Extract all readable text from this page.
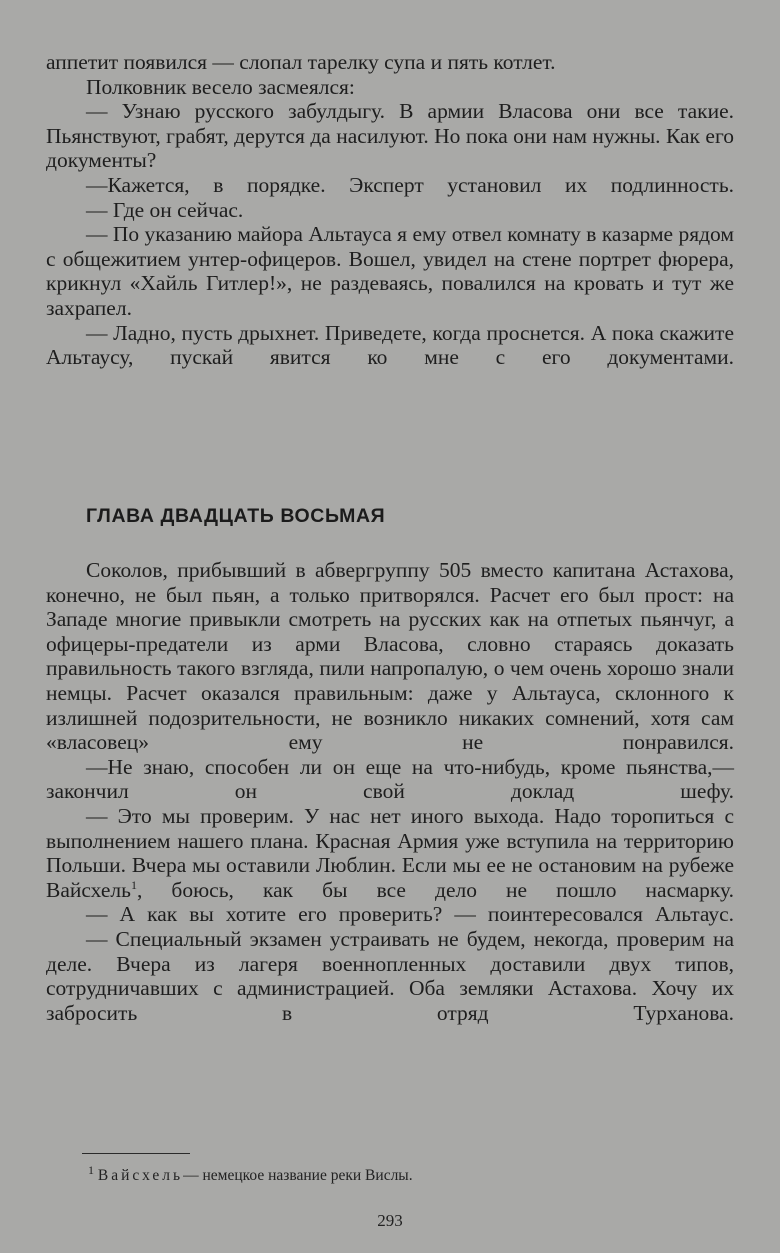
аппетит появился — слопал тарелку супа и пять котлет.

Полковник весело засмеялся:

— Узнаю русского забулдыгу. В армии Власова они все такие. Пьянствуют, грабят, дерутся да насилуют. Но пока они нам нужны. Как его документы?

—Кажется, в порядке. Эксперт установил их подлинность.

— Где он сейчас.

— По указанию майора Альтауса я ему отвел комнату в казарме рядом с общежитием унтер-офицеров. Вошел, увидел на стене портрет фюрера, крикнул «Хайль Гитлер!», не раздеваясь, повалился на кровать и тут же захрапел.

— Ладно, пусть дрыхнет. Приведете, когда проснется. А пока скажите Альтаусу, пускай явится ко мне с его документами.

ГЛАВА ДВАДЦАТЬ ВОСЬМАЯ

Соколов, прибывший в абвергруппу 505 вместо капитана Астахова, конечно, не был пьян, а только притворялся. Расчет его был прост: на Западе многие привыкли смотреть на русских как на отпетых пьянчуг, а офицеры-предатели из арми Власова, словно стараясь доказать правильность такого взгляда, пили напропалую, о чем очень хорошо знали немцы. Расчет оказался правильным: даже у Альтауса, склонного к излишней подозрительности, не возникло никаких сомнений, хотя сам «власовец» ему не понравился.

—Не знаю, способен ли он еще на что-нибудь, кроме пьянства,— закончил он свой доклад шефу.

— Это мы проверим. У нас нет иного выхода. Надо торопиться с выполнением нашего плана. Красная Армия уже вступила на территорию Польши. Вчера мы оставили Люблин. Если мы ее не остановим на рубеже Вайсхель$^1$, боюсь, как бы все дело не пошло насмарку.

— А как вы хотите его проверить? — поинтересовался Альтаус.

— Специальный экзамен устраивать не будем, некогда, проверим на деле. Вчера из лагеря военнопленных доставили двух типов, сотрудничавших с администрацией. Оба земляки Астахова. Хочу их забросить в отряд Турханова.

$^1$ Вайсхель— немецкое название реки Вислы.
293
